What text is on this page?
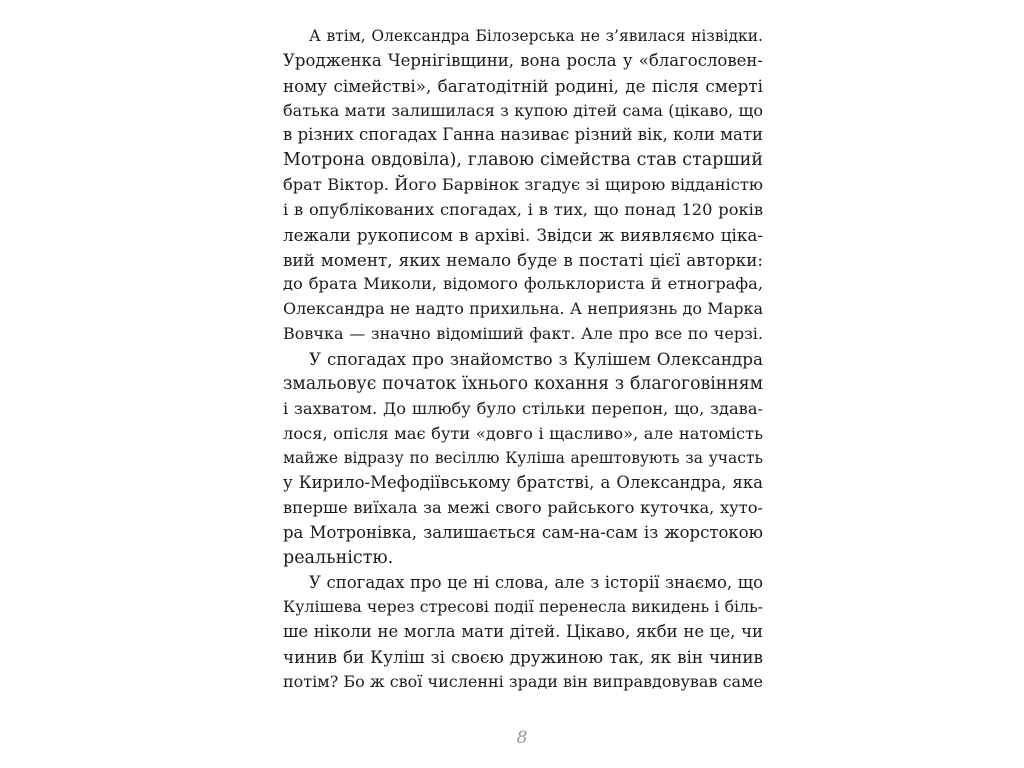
А втім, Олександра Білозерська не з’явилася нізвідки.
Уродженка Чернігівщини, вона росла у «благословен-
ному сімействі», багатодітній родині, де після смерті
батька мати залишилася з купою дітей сама (цікаво, що
в різних спогадах Ганна називає різний вік, коли мати
Мотрона овдовіла), главою сімейства став старший
брат Віктор. Його Барвінок згадує зі щирою відданістю
і в опублікованих спогадах, і в тих, що понад 120 років
лежали рукописом в архіві. Звідси ж виявляємо ціка-
вий момент, яких немало буде в постаті цієї авторки:
до брата Миколи, відомого фольклориста й етнографа,
Олександра не надто прихильна. А неприязнь до Марка
Вовчка — значно відоміший факт. Але про все по черзі.
У спогадах про знайомство з Кулішем Олександра
змальовує початок їхнього кохання з благоговінням
і захватом. До шлюбу було стільки перепон, що, здава-
лося, опісля має бути «довго і щасливо», але натомість
майже відразу по весіллю Куліша арештовують за участь
у Кирило-Мефодіївському братстві, а Олександра, яка
вперше виїхала за межі свого райського куточка, хуто-
ра Мотронівка, залишається сам-на-сам із жорстокою
реальністю.
У спогадах про це ні слова, але з історії знаємо, що
Кулішева через стресові події перенесла викидень і біль-
ше ніколи не могла мати дітей. Цікаво, якби не це, чи
чинив би Куліш зі своєю дружиною так, як він чинив
потім? Бо ж свої численні зради він виправдовував саме
8
